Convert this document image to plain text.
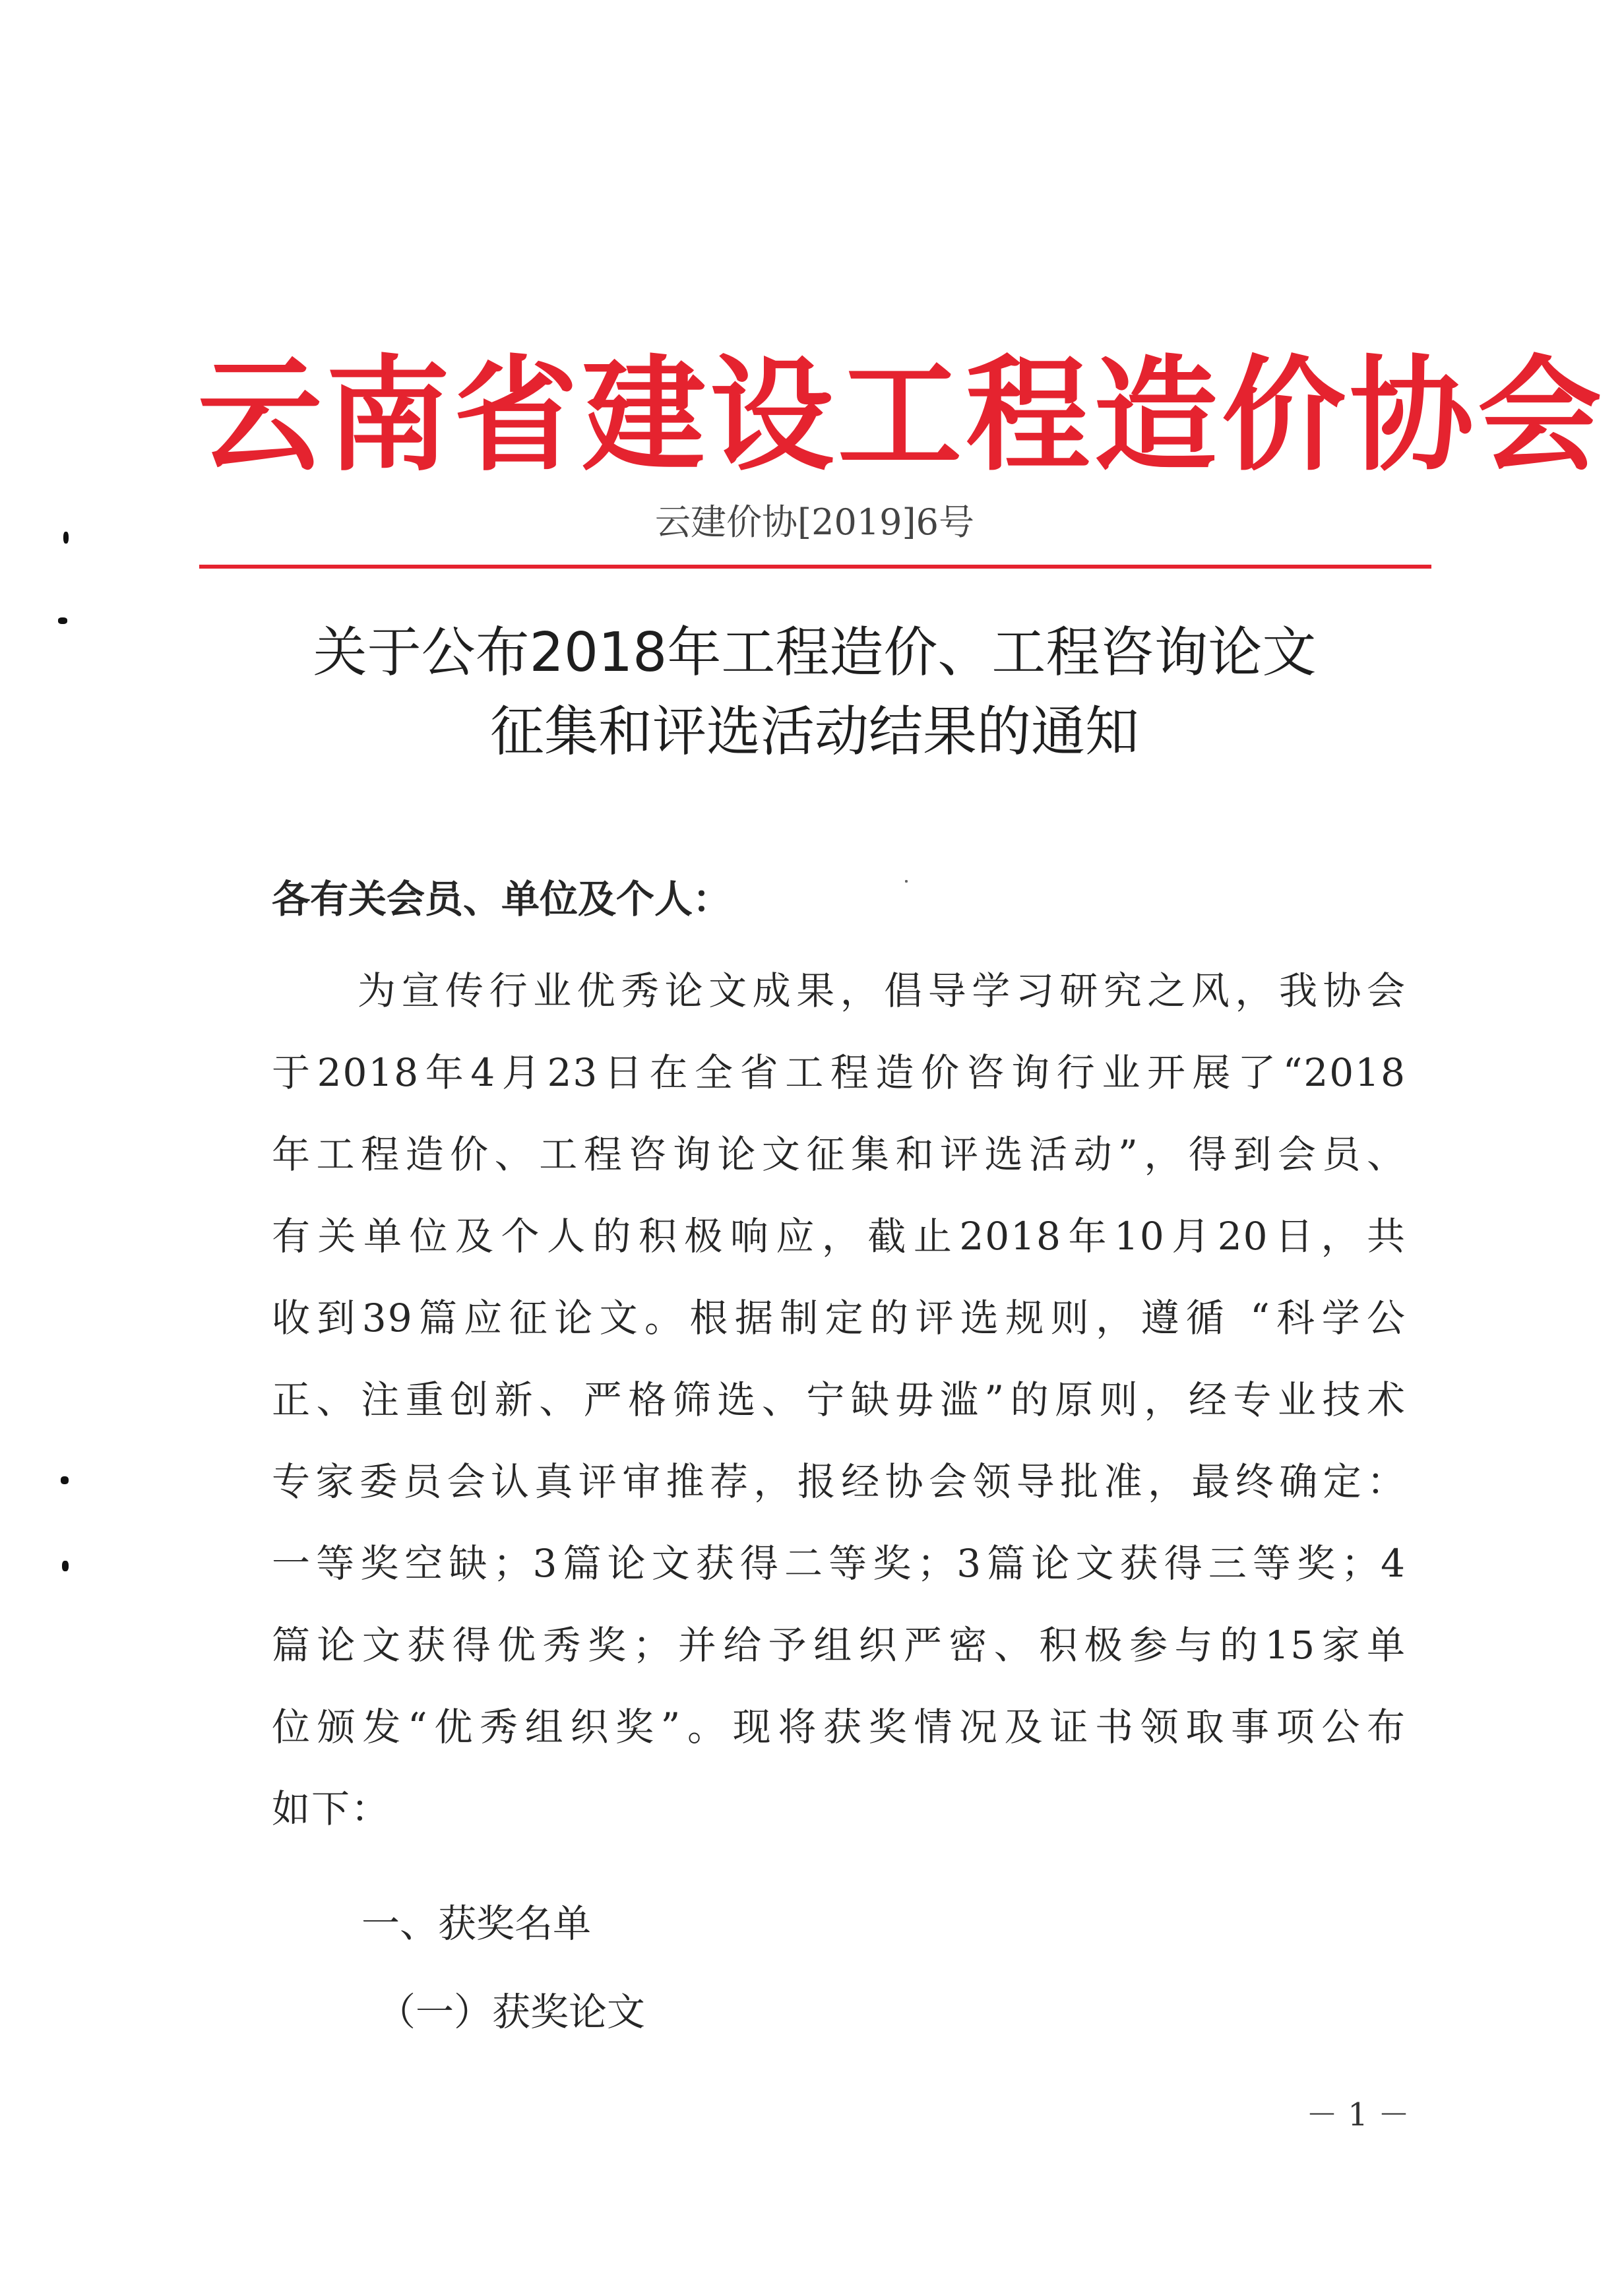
云南省建设工程造价协会
云建价协[2019]6号
关于公布2018年工程造价、工程咨询论文
征集和评选活动结果的通知
各有关会员、单位及个人：
为宣传行业优秀论文成果，倡导学习研究之风，我协会
于2018年4月23日在全省工程造价咨询行业开展了“2018
年工程造价、工程咨询论文征集和评选活动”，得到会员、
有关单位及个人的积极响应，截止2018年10月20日，共
收到39篇应征论文。根据制定的评选规则，遵循 “科学公
正、注重创新、严格筛选、宁缺毋滥”的原则，经专业技术
专家委员会认真评审推荐，报经协会领导批准，最终确定：
一等奖空缺；3篇论文获得二等奖；3篇论文获得三等奖；4
篇论文获得优秀奖；并给予组织严密、积极参与的15家单
位颁发“优秀组织奖”。现将获奖情况及证书领取事项公布
如下：
一、获奖名单
（一）获奖论文
－ 1 －
